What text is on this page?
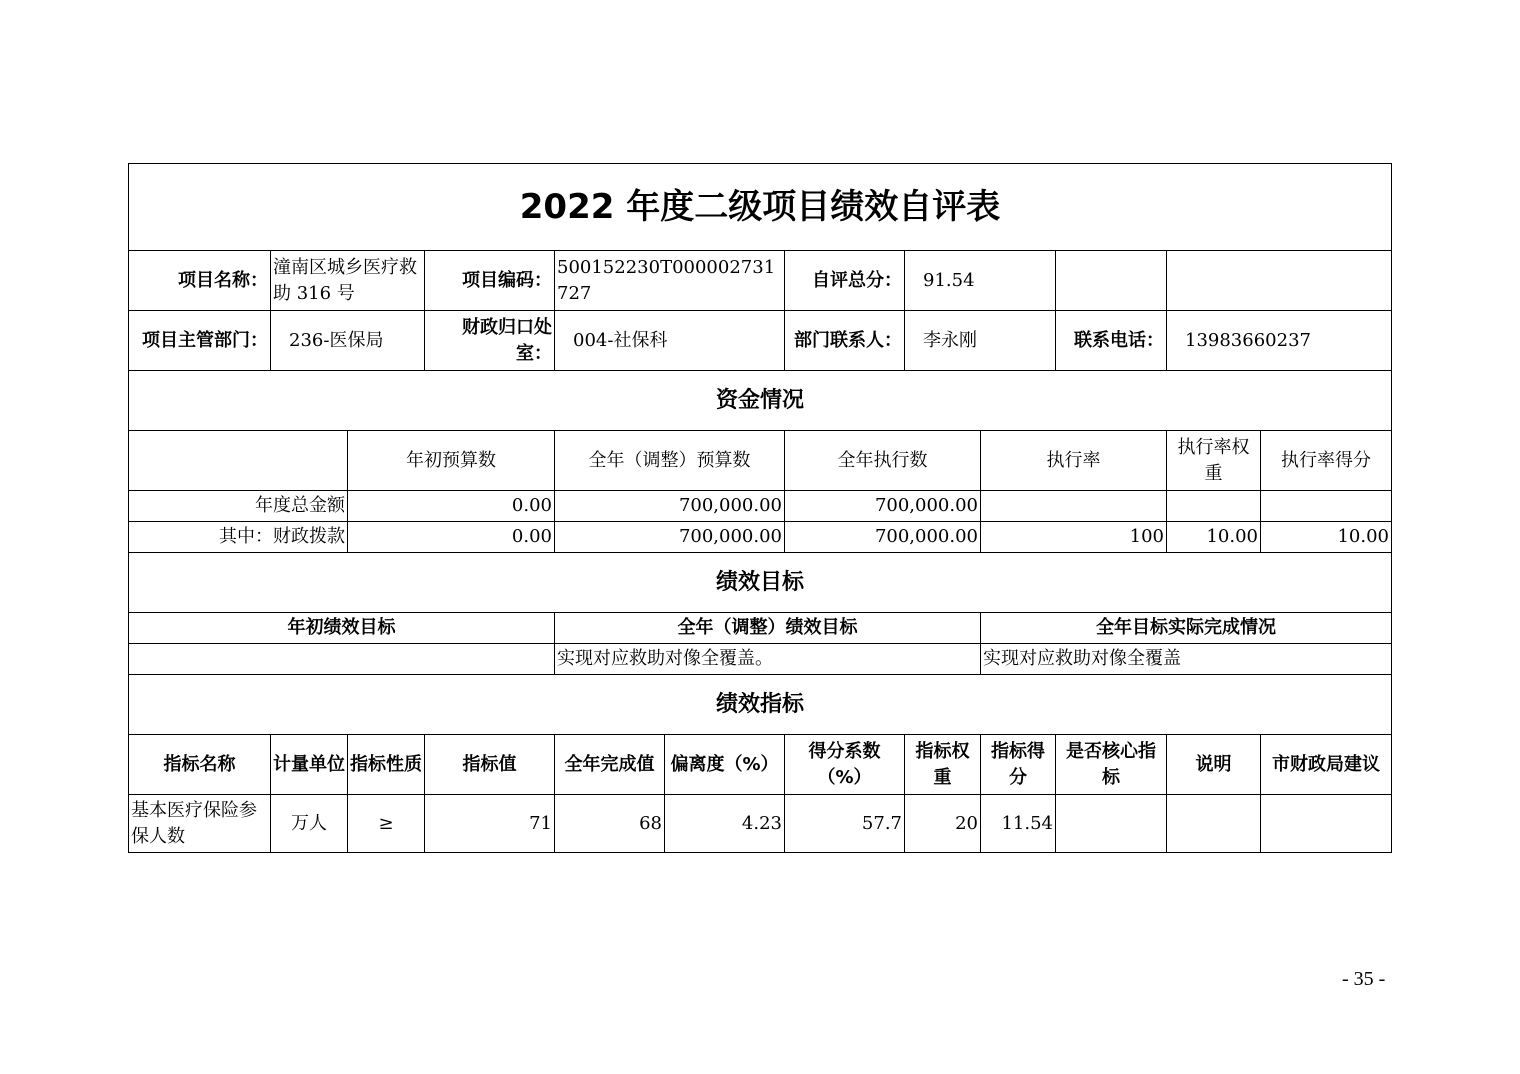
2022 年度二级项目绩效自评表											
项目名称：	潼南区城乡医疗救助 316 号		项目编码：	500152230T000002731727		自评总分：	91.54				
项目主管部门：	236-医保局		财政归口处室：	004-社保科		部门联系人：	李永刚		联系电话：	13983660237	
资金情况											
		年初预算数		全年（调整）预算数		全年执行数		执行率		执行率权重	执行率得分
年度总金额		0.00		700,000.00		700,000.00					
其中：财政拨款		0.00		700,000.00		700,000.00		100		10.00	10.00
绩效目标											
年初绩效目标				全年（调整）绩效目标				全年目标实际完成情况			
				实现对应救助对像全覆盖。				实现对应救助对像全覆盖			
绩效指标											
指标名称	计量单位	指标性质	指标值	全年完成值	偏离度（%）	得分系数（%）	指标权重	指标得分	是否核心指标	说明	市财政局建议
基本医疗保险参保人数	万人	≥	71	68	4.23	57.7	20	11.54			
- 35 -
